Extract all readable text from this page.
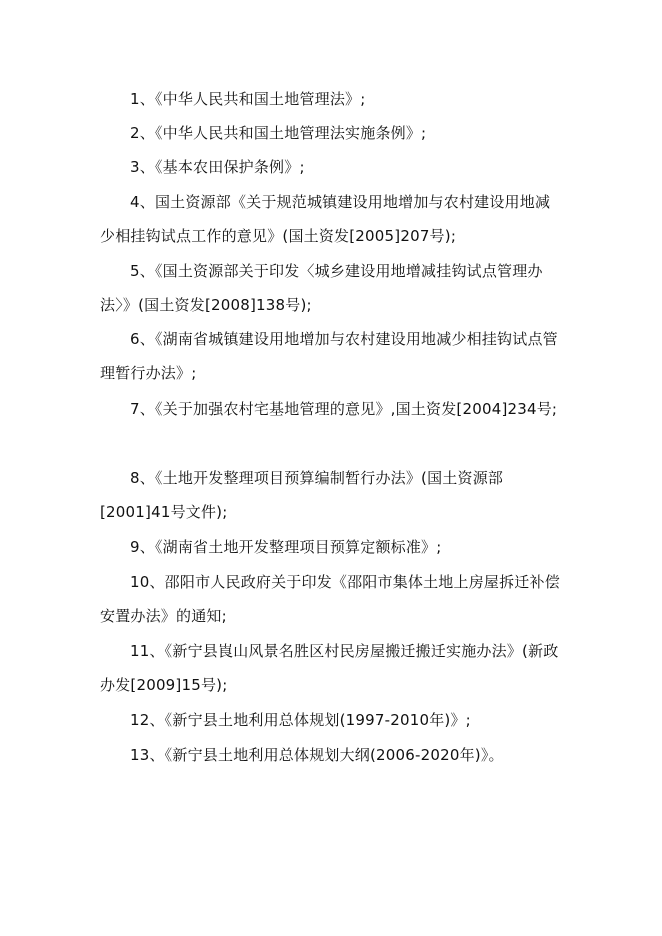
1、《中华人民共和国土地管理法》;
2、《中华人民共和国土地管理法实施条例》;
3、《基本农田保护条例》;
4、国土资源部《关于规范城镇建设用地增加与农村建设用地减少相挂钩试点工作的意见》(国土资发[2005]207号);
5、《国土资源部关于印发〈城乡建设用地增减挂钩试点管理办法〉》(国土资发[2008]138号);
6、《湖南省城镇建设用地增加与农村建设用地减少相挂钩试点管理暂行办法》;
7、《关于加强农村宅基地管理的意见》,国土资发[2004]234号;
8、《土地开发整理项目预算编制暂行办法》(国土资源部[2001]41号文件);
9、《湖南省土地开发整理项目预算定额标准》;
10、邵阳市人民政府关于印发《邵阳市集体土地上房屋拆迁补偿安置办法》的通知;
11、《新宁县崀山风景名胜区村民房屋搬迁搬迁实施办法》(新政办发[2009]15号);
12、《新宁县土地利用总体规划(1997-2010年)》;
13、《新宁县土地利用总体规划大纲(2006-2020年)》。
